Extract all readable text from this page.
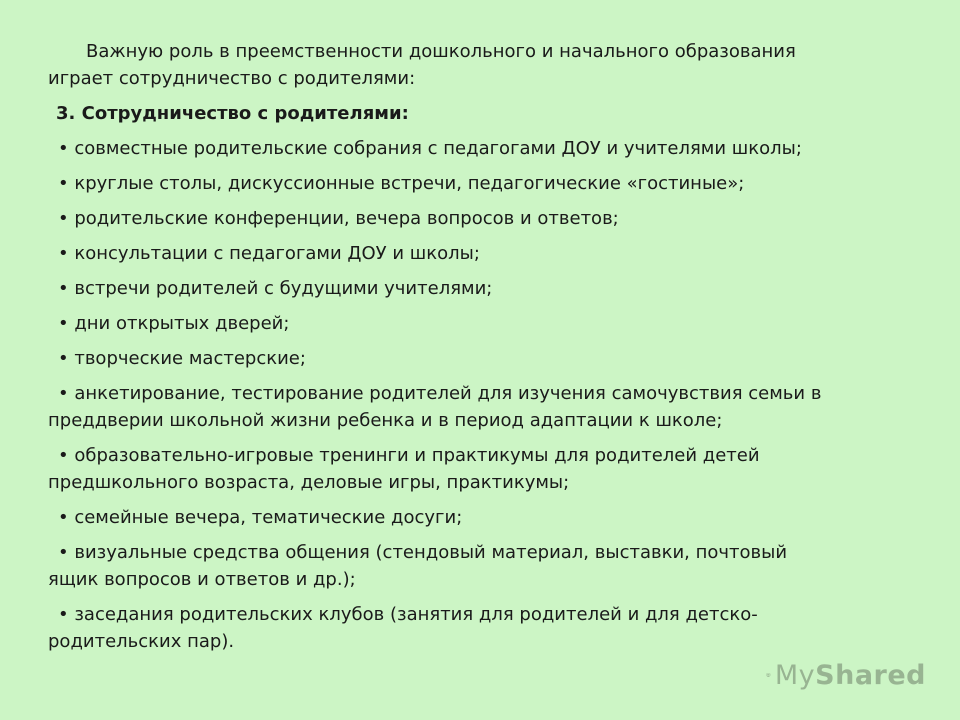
Важную роль в преемственности дошкольного и начального образования

играет сотрудничество с родителями:

3. Сотрудничество с родителями:

• совместные родительские собрания с педагогами ДОУ и учителями школы;

• круглые столы, дискуссионные встречи, педагогические «гостиные»;

• родительские конференции, вечера вопросов и ответов;

• консультации с педагогами ДОУ и школы;

• встречи родителей с будущими учителями;

• дни открытых дверей;

• творческие мастерские;

• анкетирование, тестирование родителей для изучения самочувствия семьи в

преддверии школьной жизни ребенка и в период адаптации к школе;

• образовательно-игровые тренинги и практикумы для родителей детей

предшкольного возраста, деловые игры, практикумы;

• семейные вечера, тематические досуги;

• визуальные средства общения (стендовый материал, выставки, почтовый

ящик вопросов и ответов и др.);

• заседания родительских клубов (занятия для родителей и для детско-

родительских пар).

MyShared
